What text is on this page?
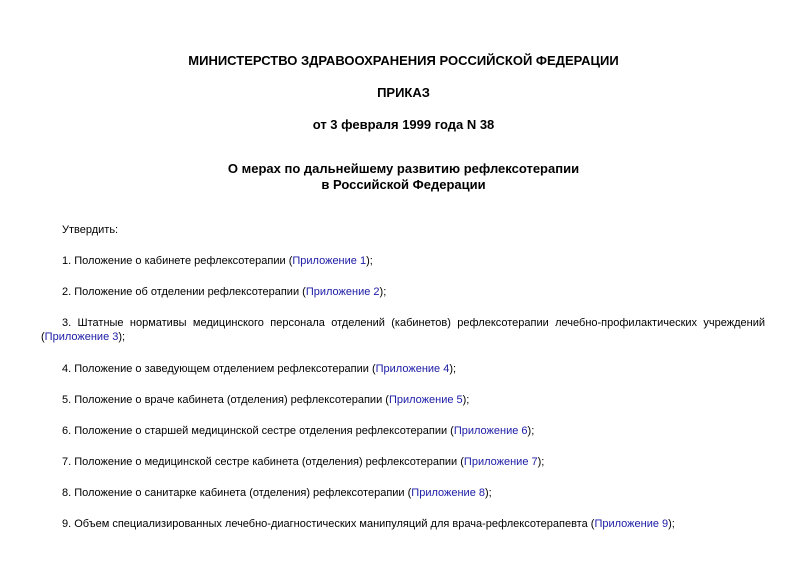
МИНИСТЕРСТВО ЗДРАВООХРАНЕНИЯ РОССИЙСКОЙ ФЕДЕРАЦИИ

ПРИКАЗ

от 3 февраля 1999 года N 38

О мерах по дальнейшему развитию рефлексотерапии
в Российской Федерации

Утвердить:

1. Положение о кабинете рефлексотерапии (Приложение 1);

2. Положение об отделении рефлексотерапии (Приложение 2);

3. Штатные нормативы медицинского персонала отделений (кабинетов) рефлексотерапии лечебно-профилактических учреждений (Приложение 3);

4. Положение о заведующем отделением рефлексотерапии (Приложение 4);

5. Положение о враче кабинета (отделения) рефлексотерапии (Приложение 5);

6. Положение о старшей медицинской сестре отделения рефлексотерапии (Приложение 6);

7. Положение о медицинской сестре кабинета (отделения) рефлексотерапии (Приложение 7);

8. Положение о санитарке кабинета (отделения) рефлексотерапии (Приложение 8);

9. Объем специализированных лечебно-диагностических манипуляций для врача-рефлексотерапевта (Приложение 9);
